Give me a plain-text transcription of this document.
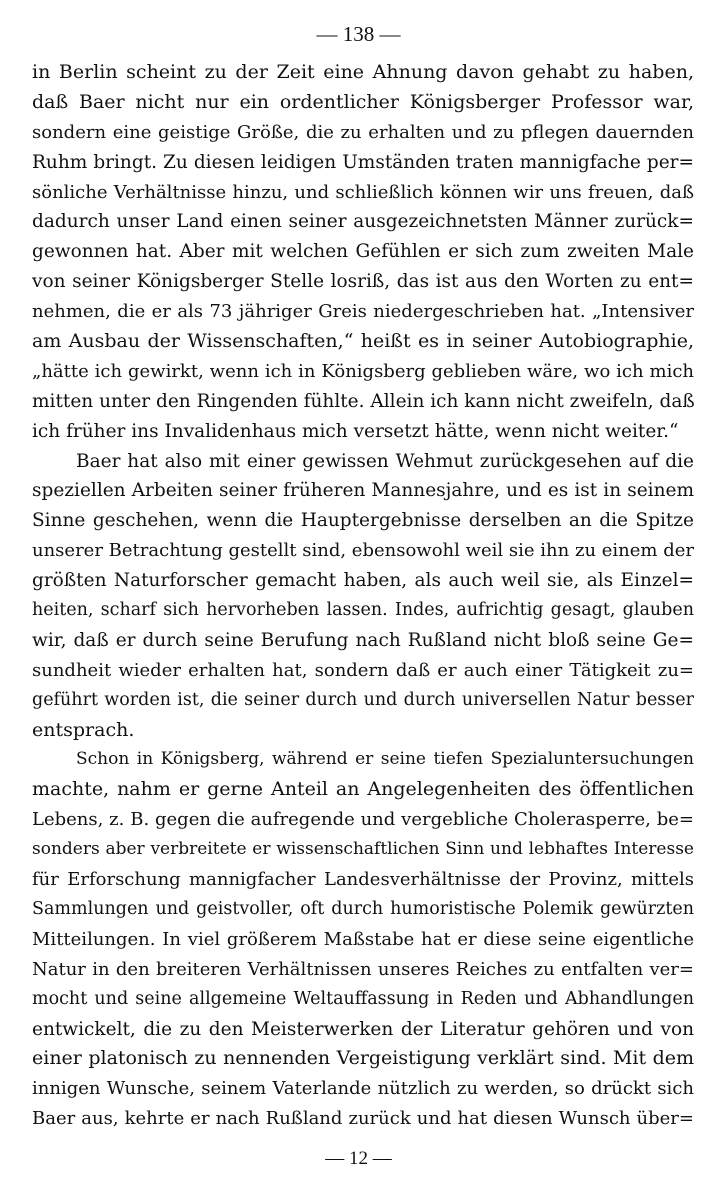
— 138 —
in Berlin scheint zu der Zeit eine Ahnung davon gehabt zu haben,
daß Baer nicht nur ein ordentlicher Königsberger Professor war,
sondern eine geistige Größe, die zu erhalten und zu pflegen dauernden
Ruhm bringt. Zu diesen leidigen Umständen traten mannigfache per=
sönliche Verhältnisse hinzu, und schließlich können wir uns freuen, daß
dadurch unser Land einen seiner ausgezeichnetsten Männer zurück=
gewonnen hat. Aber mit welchen Gefühlen er sich zum zweiten Male
von seiner Königsberger Stelle losriß, das ist aus den Worten zu ent=
nehmen, die er als 73 jähriger Greis niedergeschrieben hat. „Intensiver
am Ausbau der Wissenschaften,“ heißt es in seiner Autobiographie,
„hätte ich gewirkt, wenn ich in Königsberg geblieben wäre, wo ich mich
mitten unter den Ringenden fühlte. Allein ich kann nicht zweifeln, daß
ich früher ins Invalidenhaus mich versetzt hätte, wenn nicht weiter.“
Baer hat also mit einer gewissen Wehmut zurückgesehen auf die
speziellen Arbeiten seiner früheren Mannesjahre, und es ist in seinem
Sinne geschehen, wenn die Hauptergebnisse derselben an die Spitze
unserer Betrachtung gestellt sind, ebensowohl weil sie ihn zu einem der
größten Naturforscher gemacht haben, als auch weil sie, als Einzel=
heiten, scharf sich hervorheben lassen. Indes, aufrichtig gesagt, glauben
wir, daß er durch seine Berufung nach Rußland nicht bloß seine Ge=
sundheit wieder erhalten hat, sondern daß er auch einer Tätigkeit zu=
geführt worden ist, die seiner durch und durch universellen Natur besser
entsprach.
Schon in Königsberg, während er seine tiefen Spezialuntersuchungen
machte, nahm er gerne Anteil an Angelegenheiten des öffentlichen
Lebens, z. B. gegen die aufregende und vergebliche Cholerasperre, be=
sonders aber verbreitete er wissenschaftlichen Sinn und lebhaftes Interesse
für Erforschung mannigfacher Landesverhältnisse der Provinz, mittels
Sammlungen und geistvoller, oft durch humoristische Polemik gewürzten
Mitteilungen. In viel größerem Maßstabe hat er diese seine eigentliche
Natur in den breiteren Verhältnissen unseres Reiches zu entfalten ver=
mocht und seine allgemeine Weltauffassung in Reden und Abhandlungen
entwickelt, die zu den Meisterwerken der Literatur gehören und von
einer platonisch zu nennenden Vergeistigung verklärt sind. Mit dem
innigen Wunsche, seinem Vaterlande nützlich zu werden, so drückt sich
Baer aus, kehrte er nach Rußland zurück und hat diesen Wunsch über=
— 12 —
